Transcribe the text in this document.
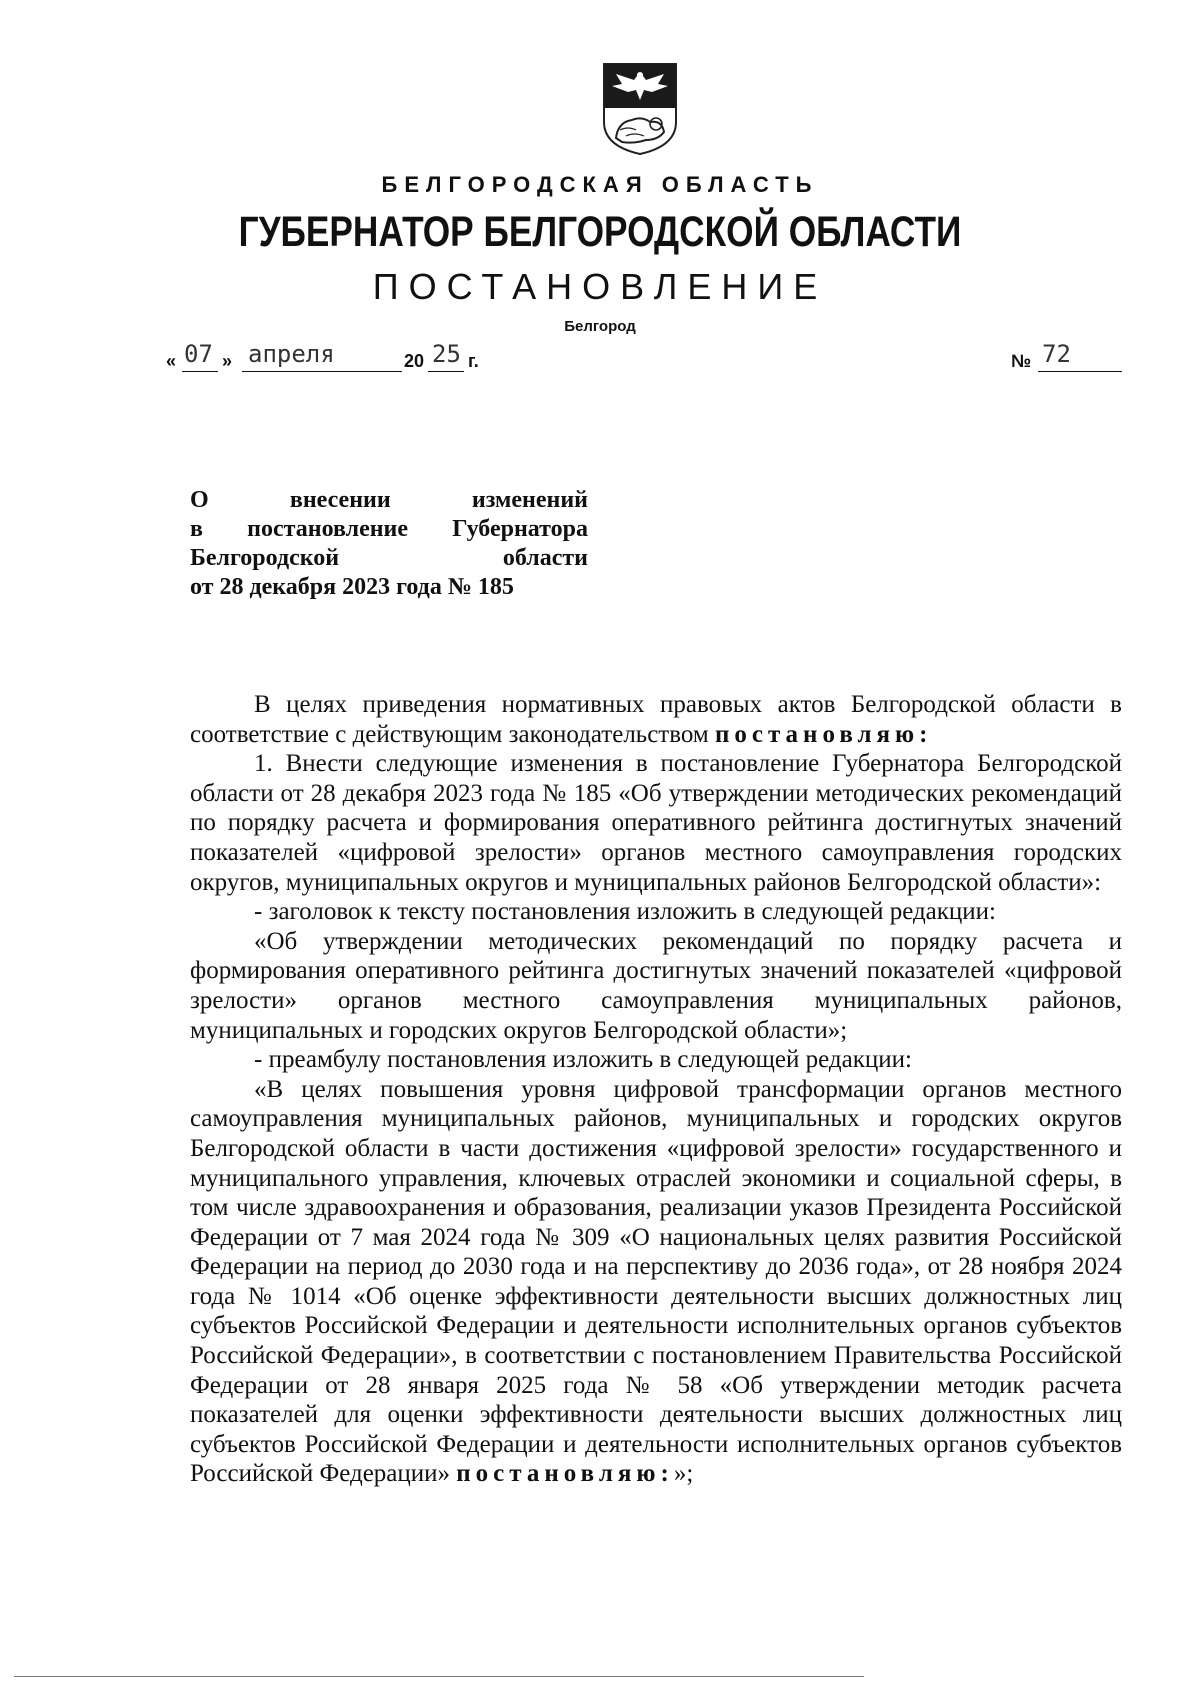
БЕЛГОРОДСКАЯ ОБЛАСТЬ
ГУБЕРНАТОР БЕЛГОРОДСКОЙ ОБЛАСТИ
ПОСТАНОВЛЕНИЕ
Белгород
« 07 » апреля	20 25 г.	№ 72
О внесении изменений
в постановление Губернатора
Белгородской области
от 28 декабря 2023 года № 185

В целях приведения нормативных правовых актов Белгородской области в соответствие с действующим законодательством постановляю:

1. Внести следующие изменения в постановление Губернатора Белгородской области от 28 декабря 2023 года № 185 «Об утверждении методических рекомендаций по порядку расчета и формирования оперативного рейтинга достигнутых значений показателей «цифровой зрелости» органов местного самоуправления городских округов, муниципальных округов и муниципальных районов Белгородской области»:

- заголовок к тексту постановления изложить в следующей редакции:

«Об утверждении методических рекомендаций по порядку расчета и формирования оперативного рейтинга достигнутых значений показателей «цифровой зрелости» органов местного самоуправления муниципальных районов, муниципальных и городских округов Белгородской области»;

- преамбулу постановления изложить в следующей редакции:

«В целях повышения уровня цифровой трансформации органов местного самоуправления муниципальных районов, муниципальных и городских округов Белгородской области в части достижения «цифровой зрелости» государственного и муниципального управления, ключевых отраслей экономики и социальной сферы, в том числе здравоохранения и образования, реализации указов Президента Российской Федерации от 7 мая 2024 года № 309 «О национальных целях развития Российской Федерации на период до 2030 года и на перспективу до 2036 года», от 28 ноября 2024 года № 1014 «Об оценке эффективности деятельности высших должностных лиц субъектов Российской Федерации и деятельности исполнительных органов субъектов Российской Федерации», в соответствии с постановлением Правительства Российской Федерации от 28 января 2025 года № 58 «Об утверждении методик расчета показателей для оценки эффективности деятельности высших должностных лиц субъектов Российской Федерации и деятельности исполнительных органов субъектов Российской Федерации» постановляю:»;
